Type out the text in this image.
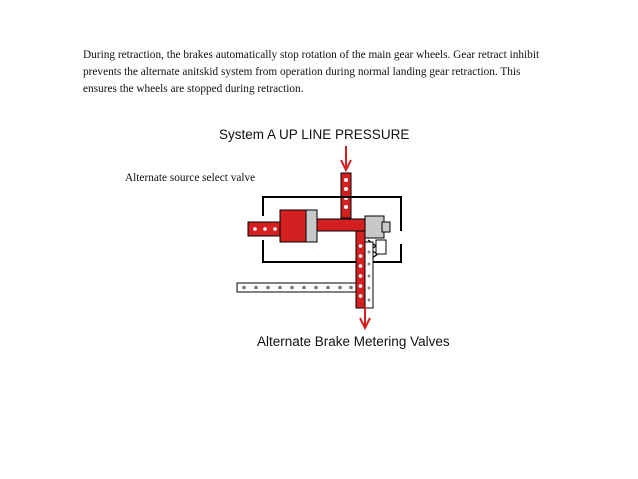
During retraction, the brakes automatically stop rotation of the main gear wheels. Gear retract inhibit prevents the alternate anitskid system from operation during normal landing gear retraction. This ensures the wheels are stopped during retraction.
System A UP LINE PRESSURE
Alternate source select valve
Alternate Brake Metering Valves
